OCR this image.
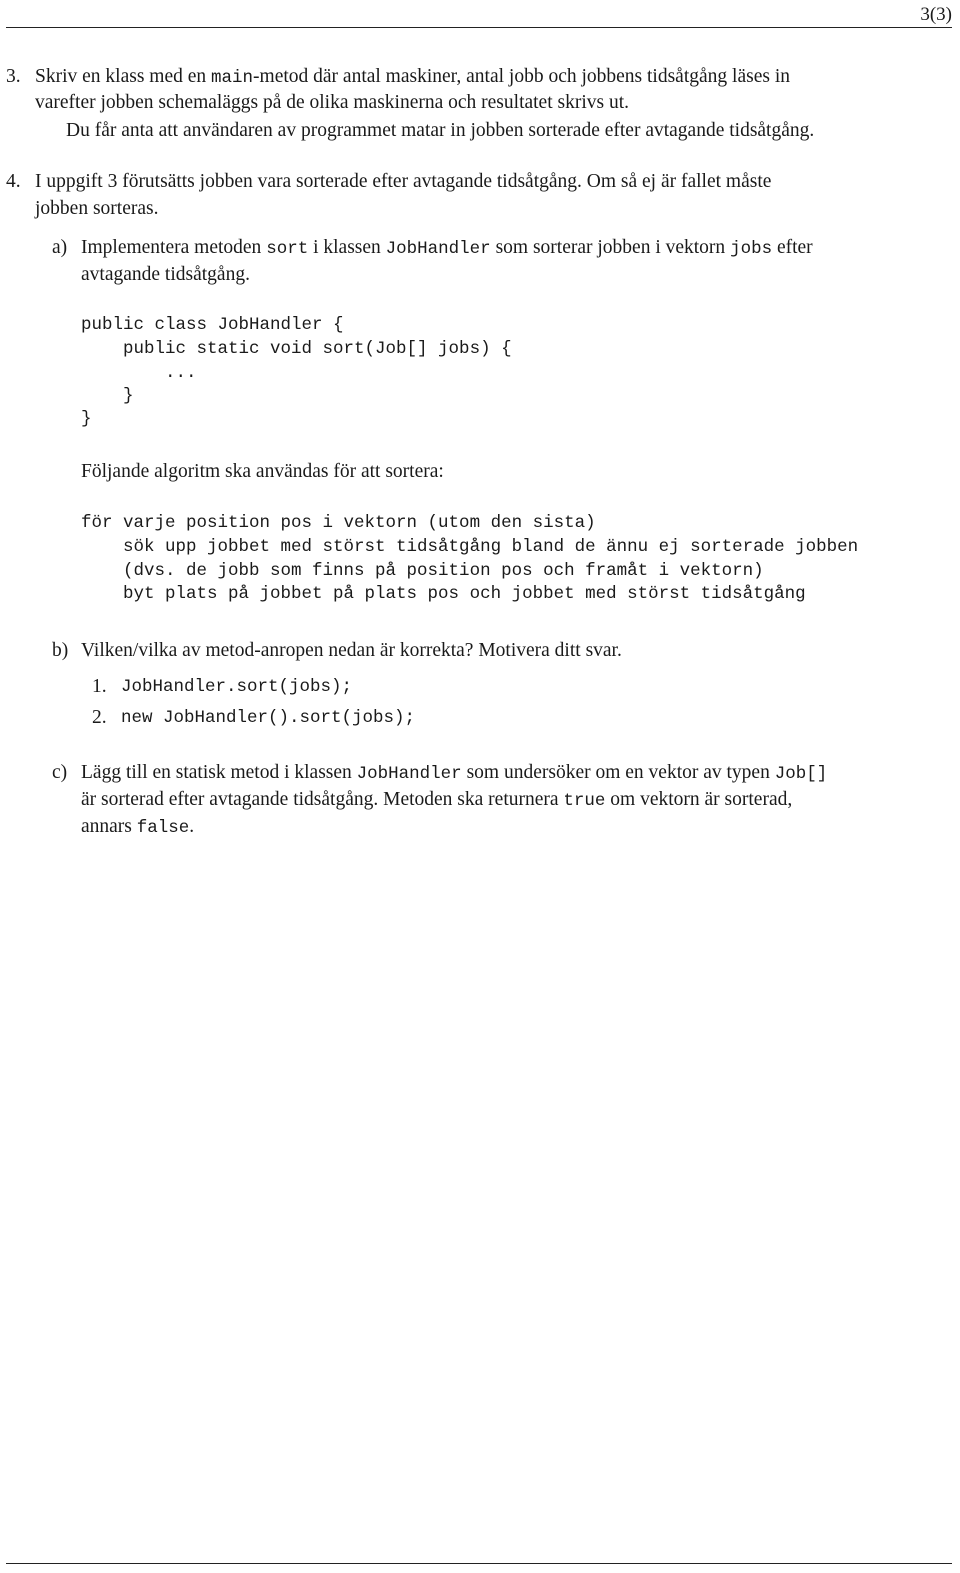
3(3)
3. Skriv en klass med en main-metod där antal maskiner, antal jobb och jobbens tidsåtgång läses in
varefter jobben schemaläggs på de olika maskinerna och resultatet skrivs ut.
Du får anta att användaren av programmet matar in jobben sorterade efter avtagande tidsåtgång.
4. I uppgift 3 förutsätts jobben vara sorterade efter avtagande tidsåtgång. Om så ej är fallet måste
jobben sorteras.
a) Implementera metoden sort i klassen JobHandler som sorterar jobben i vektorn jobs efter
avtagande tidsåtgång.
public class JobHandler {
public static void sort(Job[] jobs) {
...
}
}
Följande algoritm ska användas för att sortera:
för varje position pos i vektorn (utom den sista)
sök upp jobbet med störst tidsåtgång bland de ännu ej sorterade jobben
(dvs. de jobb som finns på position pos och framåt i vektorn)
byt plats på jobbet på plats pos och jobbet med störst tidsåtgång
b) Vilken/vilka av metod-anropen nedan är korrekta? Motivera ditt svar.
1. JobHandler.sort(jobs);
2. new JobHandler().sort(jobs);
c) Lägg till en statisk metod i klassen JobHandler som undersöker om en vektor av typen Job[]
är sorterad efter avtagande tidsåtgång. Metoden ska returnera true om vektorn är sorterad,
annars false.
